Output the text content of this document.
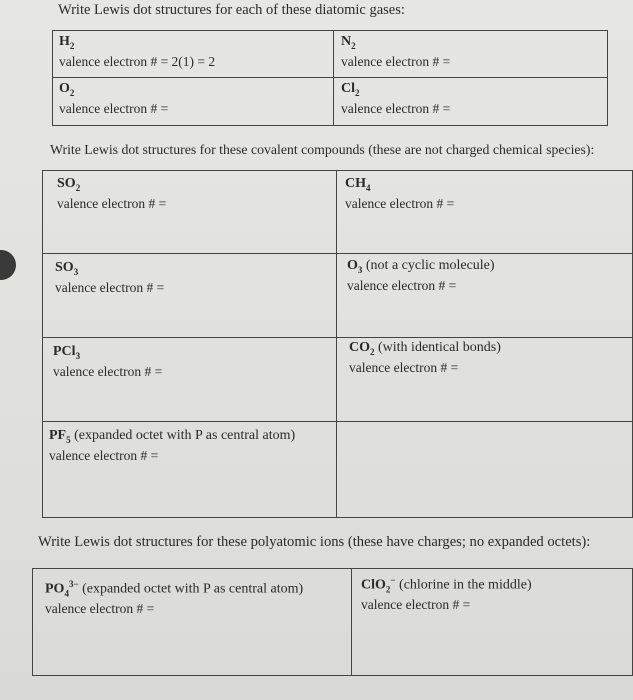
Write Lewis dot structures for each of these diatomic gases:
$H_2$
valence electron # = 2(1) = 2
$N_2$
valence electron # =
$O_2$
valence electron # =
$Cl_2$
valence electron # =
Write Lewis dot structures for these covalent compounds (these are not charged chemical species):
$SO_2$
valence electron # =
$CH_4$
valence electron # =
$SO_3$
valence electron # =
$O_3$ (not a cyclic molecule)
valence electron # =
PCl$_3$
valence electron # =
$CO_2$ (with identical bonds)
valence electron # =
$PF_5$ (expanded octet with P as central atom)
valence electron # =
Write Lewis dot structures for these polyatomic ions (these have charges; no expanded octets):
$PO_4^{3-}$ (expanded octet with P as central atom)
valence electron # =
ClO$_2$− (chlorine in the middle)
valence electron # =
